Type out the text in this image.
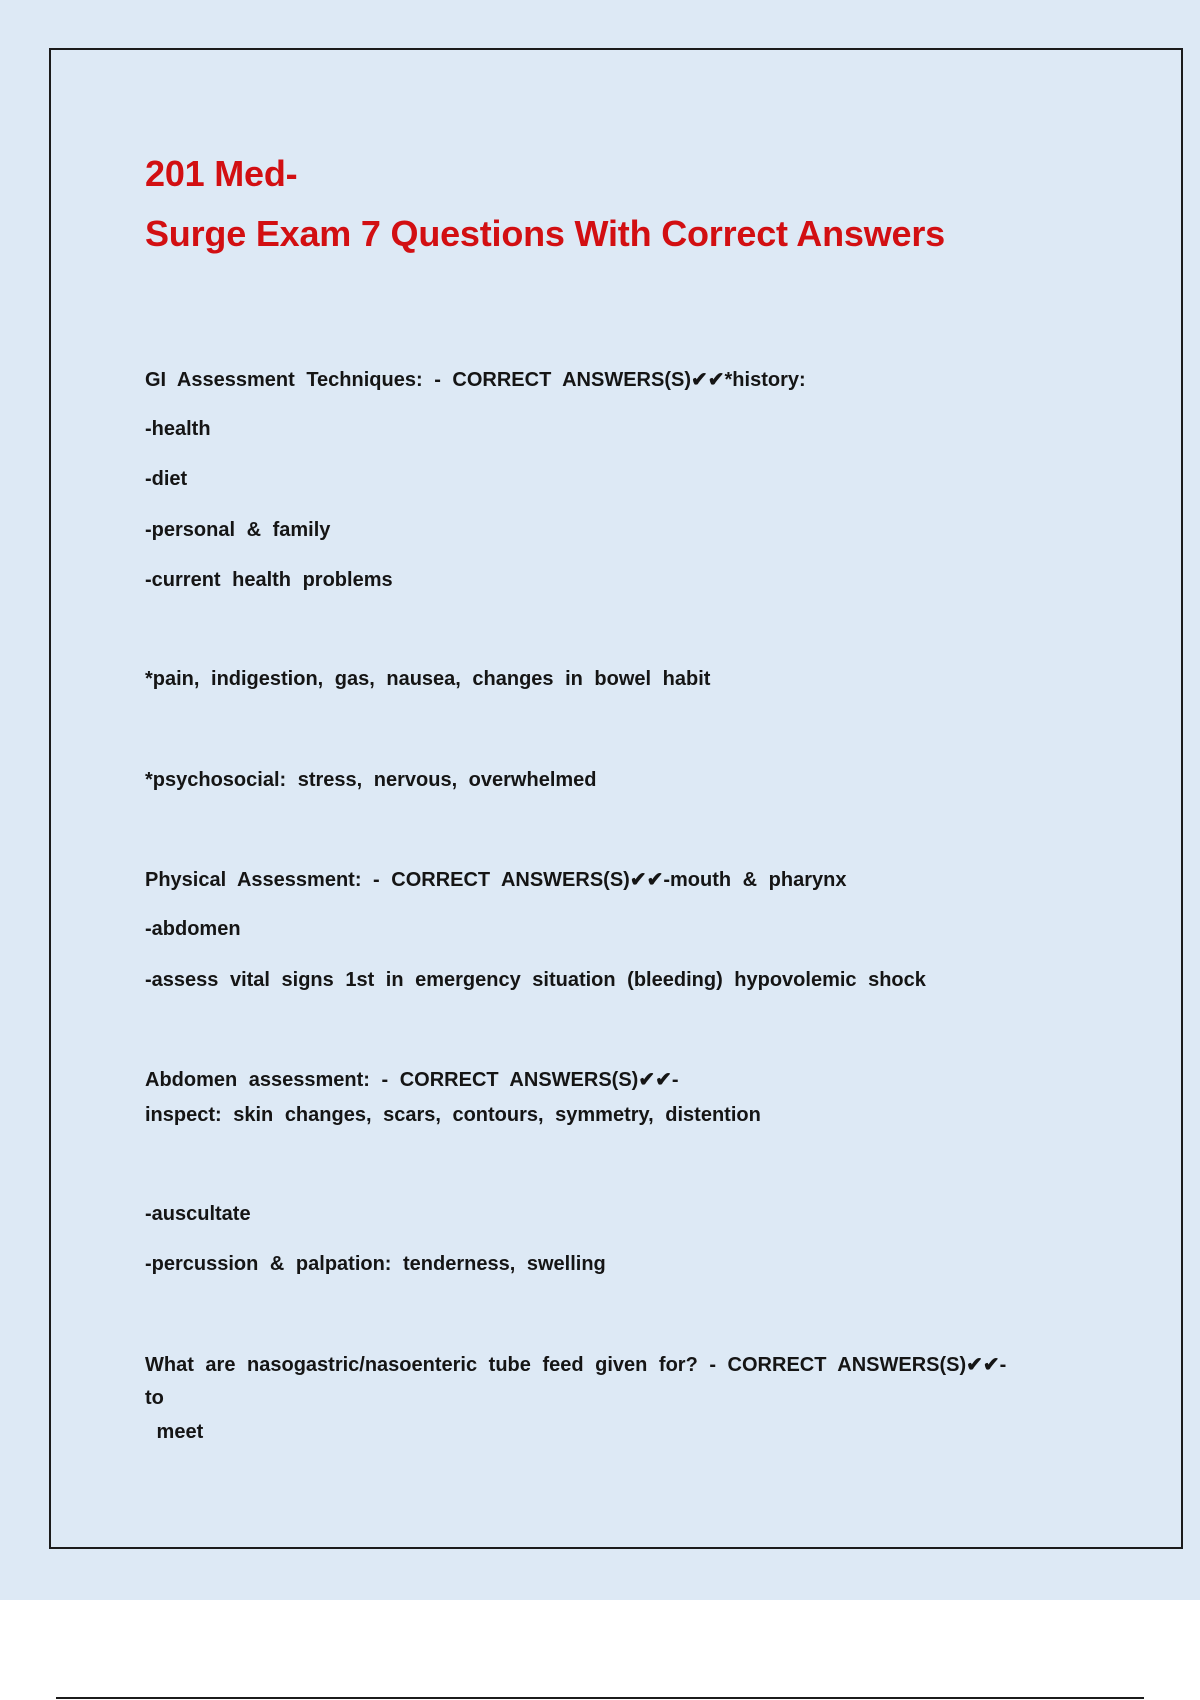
201 Med-
Surge Exam 7 Questions With Correct Answers

GI Assessment Techniques: - CORRECT ANSWERS(S)✔✔*history:

-health

-diet

-personal & family

-current health problems

*pain, indigestion, gas, nausea, changes in bowel habit

*psychosocial: stress, nervous, overwhelmed

Physical Assessment: - CORRECT ANSWERS(S)✔✔-mouth & pharynx

-abdomen

-assess vital signs 1st in emergency situation (bleeding) hypovolemic shock

Abdomen assessment: - CORRECT ANSWERS(S)✔✔-

inspect: skin changes, scars, contours, symmetry, distention

-auscultate

-percussion & palpation: tenderness, swelling

What are nasogastric/nasoenteric tube feed given for? - CORRECT ANSWERS(S)✔✔-

to

meet
